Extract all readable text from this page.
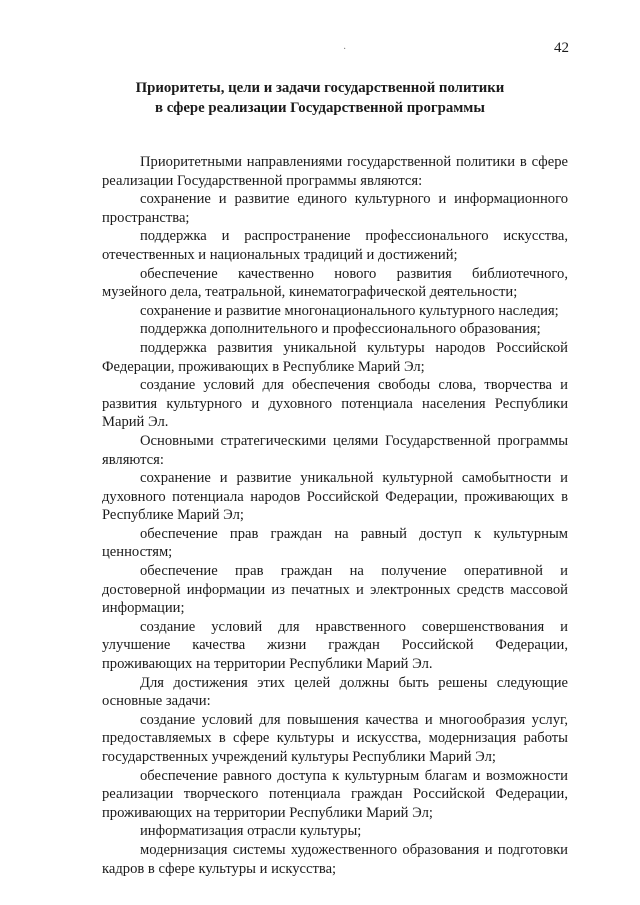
·	42
Приоритеты, цели и задачи государственной политики
в сфере реализации Государственной программы

Приоритетными направлениями государственной политики в сфере реализации Государственной программы являются:

сохранение и развитие единого культурного и информационного пространства;

поддержка и распространение профессионального искусства, отечественных и национальных традиций и достижений;

обеспечение качественно нового развития библиотечного, музейного дела, театральной, кинематографической деятельности;

сохранение и развитие многонационального культурного наследия;

поддержка дополнительного и профессионального образования;

поддержка развития уникальной культуры народов Российской Федерации, проживающих в Республике Марий Эл;

создание условий для обеспечения свободы слова, творчества и развития культурного и духовного потенциала населения Республики Марий Эл.

Основными стратегическими целями Государственной программы являются:

сохранение и развитие уникальной культурной самобытности и духовного потенциала народов Российской Федерации, проживающих в Республике Марий Эл;

обеспечение прав граждан на равный доступ к культурным ценностям;

обеспечение прав граждан на получение оперативной и достоверной информации из печатных и электронных средств массовой информации;

создание условий для нравственного совершенствования и улучшение качества жизни граждан Российской Федерации, проживающих на территории Республики Марий Эл.

Для достижения этих целей должны быть решены следующие основные задачи:

создание условий для повышения качества и многообразия услуг, предоставляемых в сфере культуры и искусства, модернизация работы государственных учреждений культуры Республики Марий Эл;

обеспечение равного доступа к культурным благам и возможности реализации творческого потенциала граждан Российской Федерации, проживающих на территории Республики Марий Эл;

информатизация отрасли культуры;

модернизация системы художественного образования и подготовки кадров в сфере культуры и искусства;
